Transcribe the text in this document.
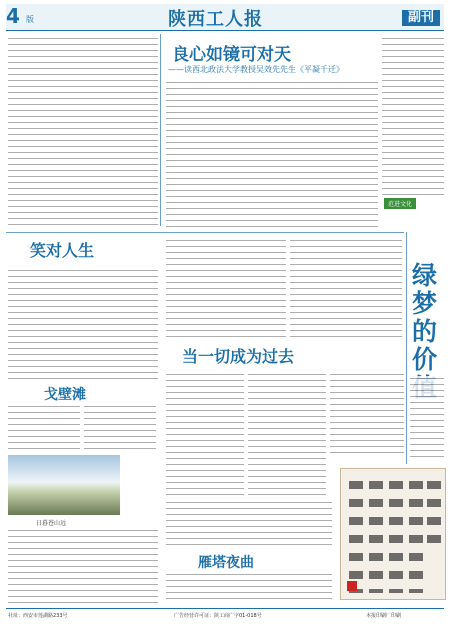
4 版	陕西工人报	副刊
良心如镜可对天
——读西北政法大学教授吴效先先生《平凝千迁》
范进文化
笑对人生
戈壁滩
当一切成为过去
绿梦的价
日暮苍山远
雁塔夜曲
社址：西安市莲湖路233号	广告经营许可证：陕工商广字01-018号	本报印刷厂印刷
